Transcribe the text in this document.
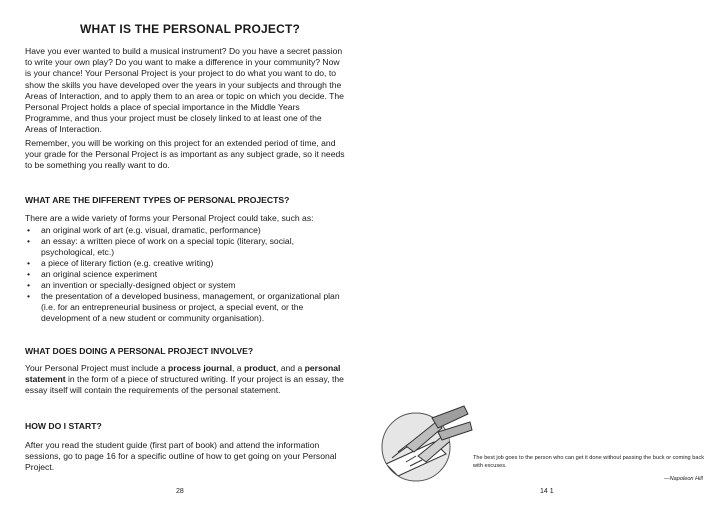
WHAT IS THE PERSONAL PROJECT?

Have you ever wanted to build a musical instrument? Do you have a secret passion to write your own play? Do you want to make a difference in your community? Now is your chance! Your Personal Project is your project to do what you want to do, to show the skills you have developed over the years in your subjects and through the Areas of Interaction, and to apply them to an area or topic on which you decide. The Personal Project holds a place of special importance in the Middle Years Programme, and thus your project must be closely linked to at least one of the Areas of Interaction.

Remember, you will be working on this project for an extended period of time, and your grade for the Personal Project is as important as any subject grade, so it needs to be something you really want to do.

WHAT ARE THE DIFFERENT TYPES OF PERSONAL PROJECTS?

There are a wide variety of forms your Personal Project could take, such as:

• an original work of art (e.g. visual, dramatic, performance)
• an essay: a written piece of work on a special topic (literary, social, psychological, etc.)
• a piece of literary fiction (e.g. creative writing)
• an original science experiment
• an invention or specially-designed object or system
• the presentation of a developed business, management, or organizational plan (i.e. for an entrepreneurial business or project, a special event, or the development of a new student or community organisation).
WHAT DOES DOING A PERSONAL PROJECT INVOLVE?

Your Personal Project must include a process journal, a product, and a personal statement in the form of a piece of structured writing. If your project is an essay, the essay itself will contain the requirements of the personal statement.

HOW DO I START?

After you read the student guide (first part of book) and attend the information sessions, go to page 16 for a specific outline of how to get going on your Personal Project.

28
The best job goes to the person who can get it done without passing the buck or coming back with excuses.
—Napoleon Hill
14 1
